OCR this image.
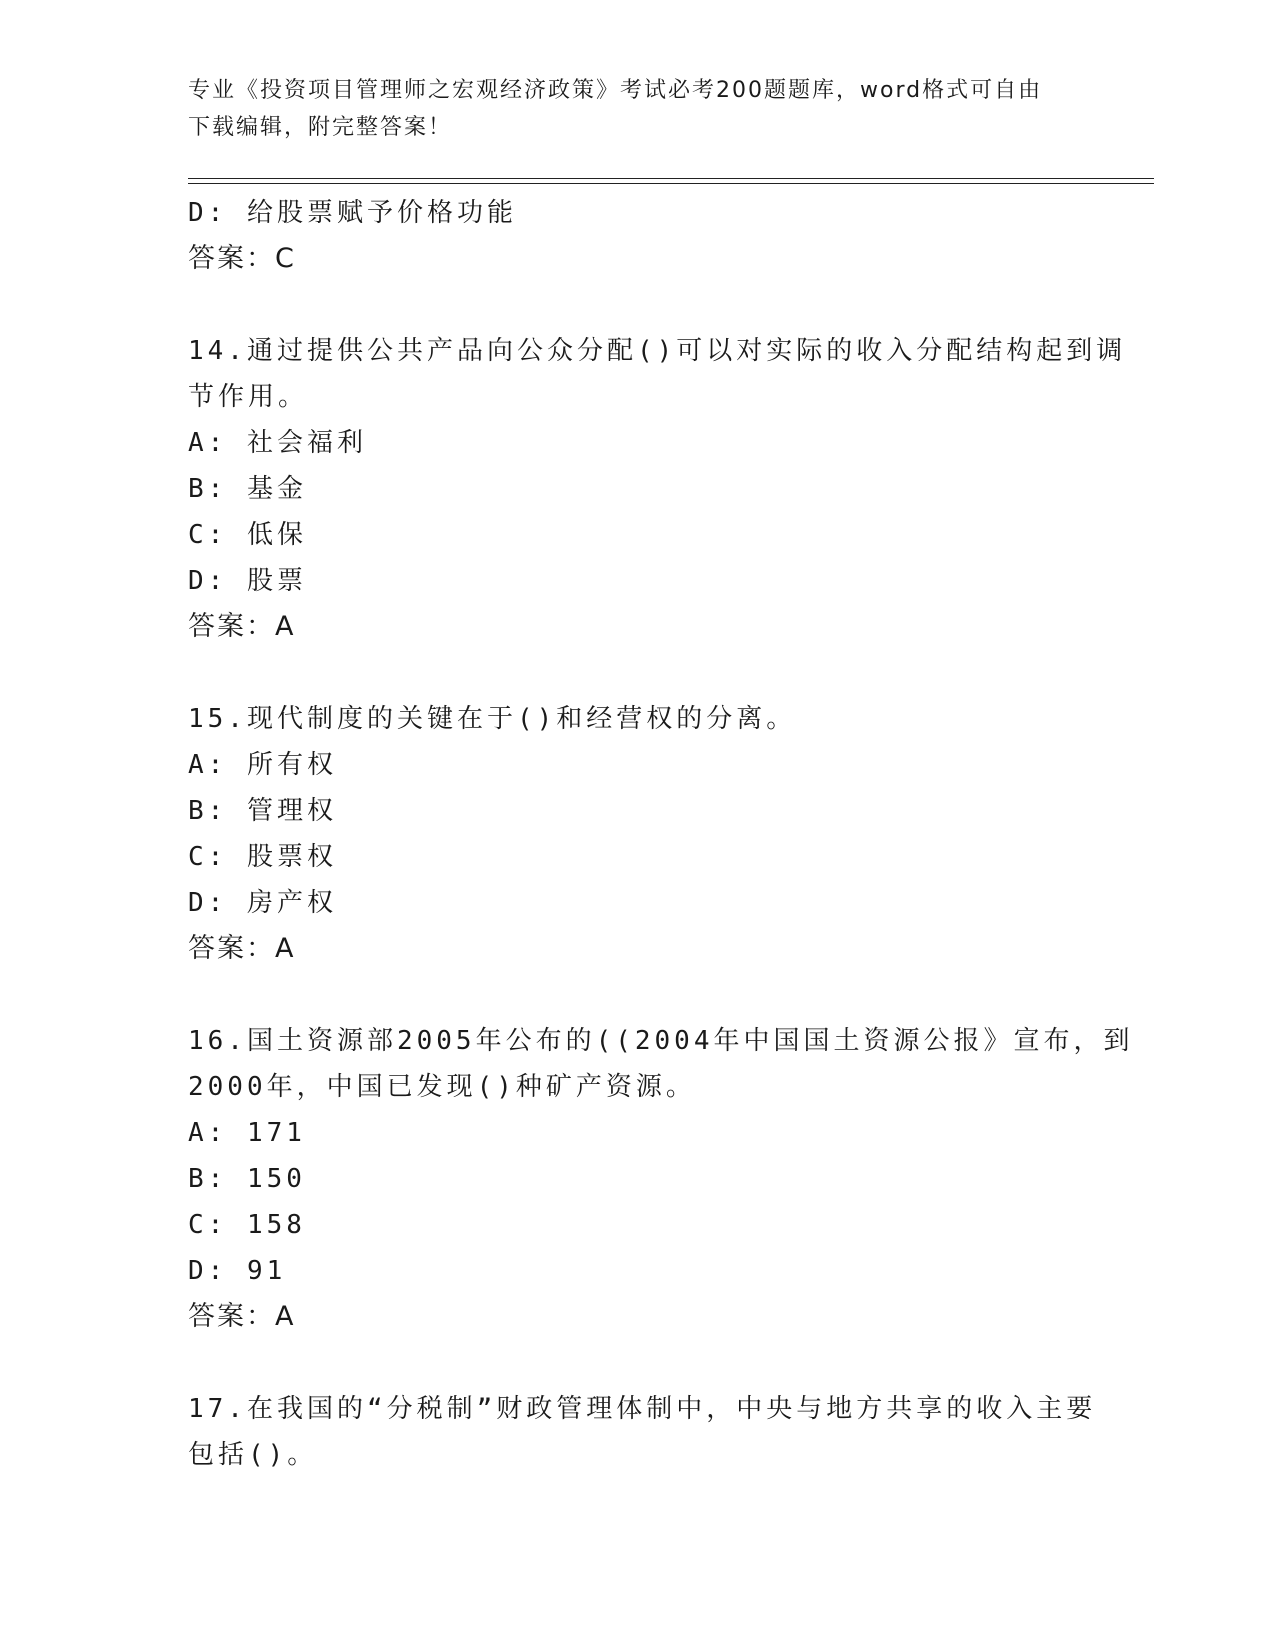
专业《投资项目管理师之宏观经济政策》考试必考200题题库，word格式可自由
下载编辑，附完整答案！
D: 给股票赋予价格功能
答案：C
14.通过提供公共产品向公众分配()可以对实际的收入分配结构起到调
节作用。
A: 社会福利
B: 基金
C: 低保
D: 股票
答案：A
15.现代制度的关键在于()和经营权的分离。
A: 所有权
B: 管理权
C: 股票权
D: 房产权
答案：A
16.国土资源部2005年公布的((2004年中国国土资源公报》宣布，到
2000年，中国已发现()种矿产资源。
A: 171
B: 150
C: 158
D: 91
答案：A
17.在我国的“分税制”财政管理体制中，中央与地方共享的收入主要
包括()。
